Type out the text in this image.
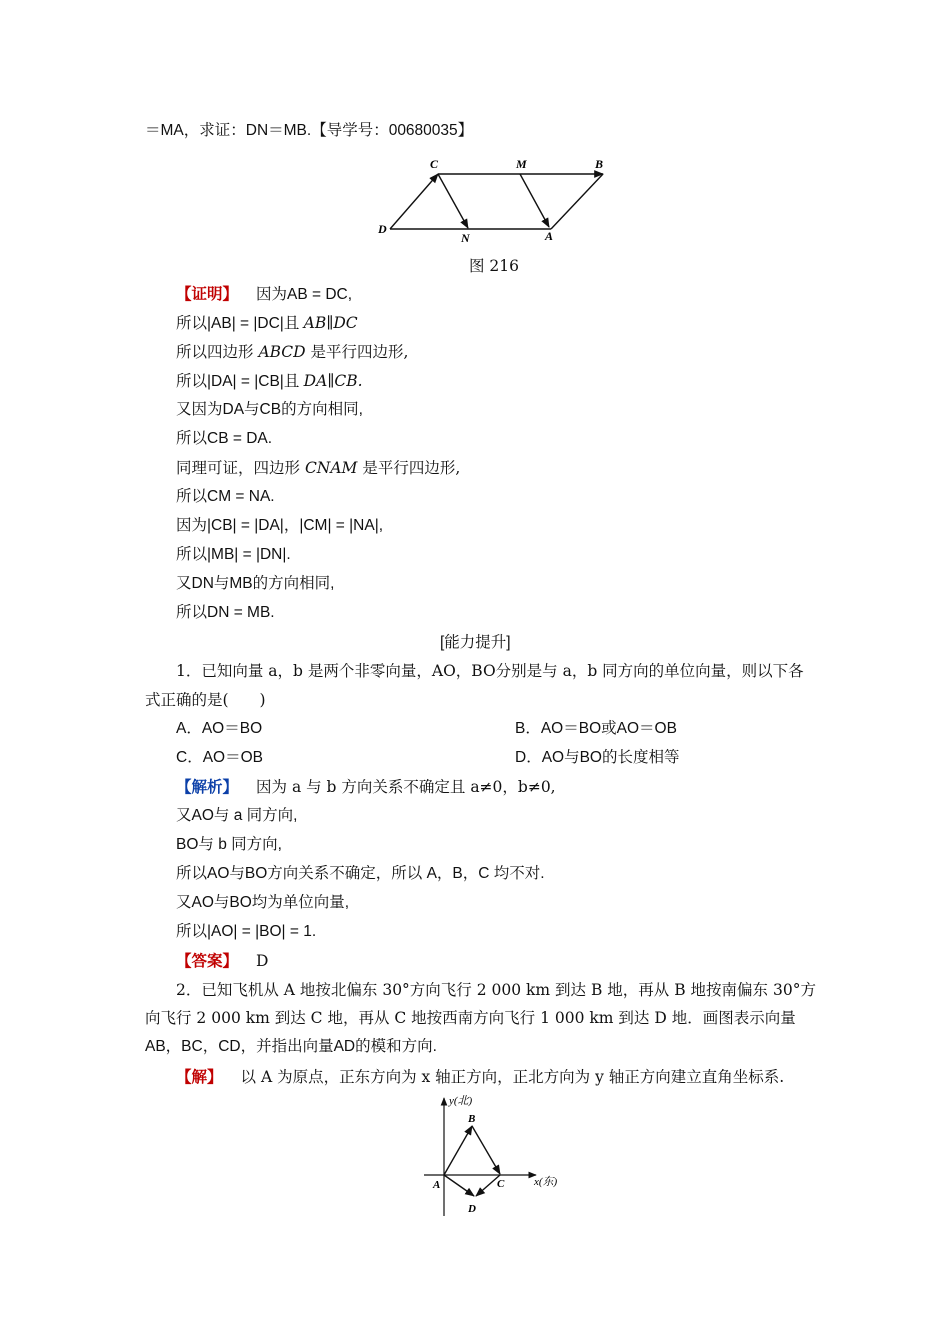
＝MA，求证：DN＝MB.【导学号：00680035】
C	M	B
D
N	A
图 216
【证明】 因为AB = DC,
所以|AB| = |DC|且 AB∥DC
所以四边形 ABCD 是平行四边形,
所以|DA| = |CB|且 DA∥CB.
又因为DA与CB的方向相同,
所以CB = DA.
同理可证，四边形 CNAM 是平行四边形,
所以CM = NA.
因为|CB| = |DA|，|CM| = |NA|,
所以|MB| = |DN|.
又DN与MB的方向相同,
所以DN = MB.
[能力提升]
1．已知向量 a，b 是两个非零向量，AO，BO分别是与 a，b 同方向的单位向量，则以下各
式正确的是(　　)
A．AO＝BO	B．AO＝BO或AO＝OB
C．AO＝OB	D．AO与BO的长度相等
【解析】 因为 a 与 b 方向关系不确定且 a≠0，b≠0,
又AO与 a 同方向,
BO与 b 同方向,
所以AO与BO方向关系不确定，所以 A，B，C 均不对.
又AO与BO均为单位向量,
所以|AO| = |BO| = 1.
【答案】 D
2．已知飞机从 A 地按北偏东 30°方向飞行 2 000 km 到达 B 地，再从 B 地按南偏东 30°方
向飞行 2 000 km 到达 C 地，再从 C 地按西南方向飞行 1 000 km 到达 D 地．画图表示向量
AB，BC，CD，并指出向量AD的模和方向.
【解】 以 A 为原点，正东方向为 x 轴正方向，正北方向为 y 轴正方向建立直角坐标系.
y(北)
x(东)
A
B
C
D
